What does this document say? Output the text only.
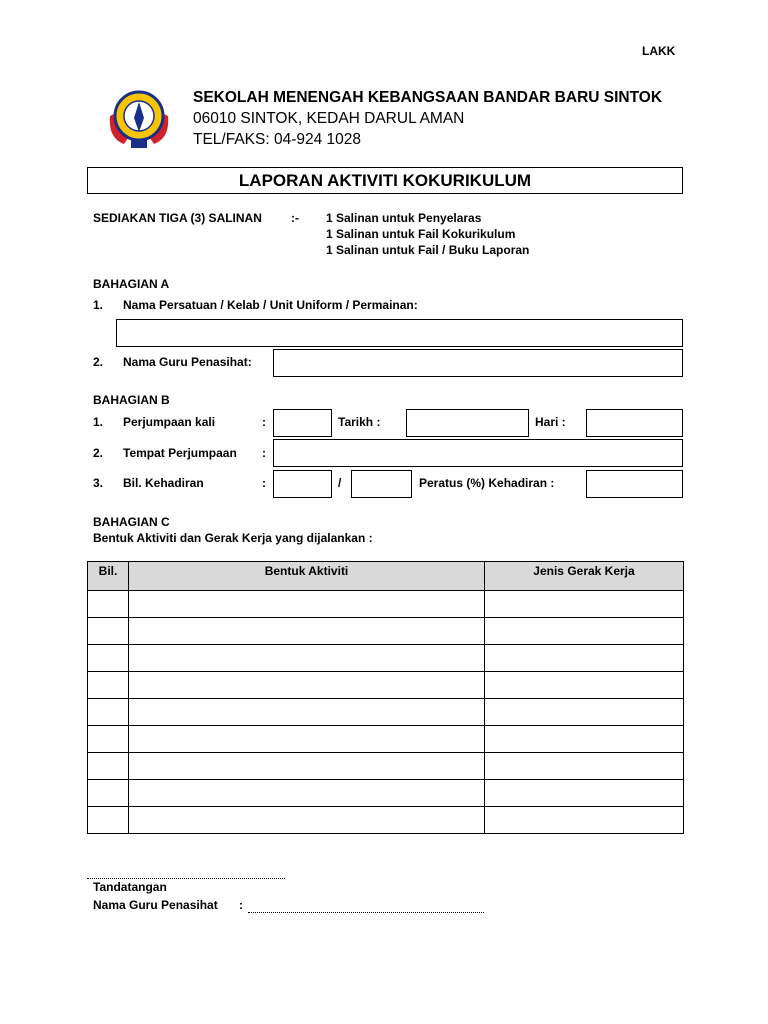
LAKK
SEKOLAH MENENGAH KEBANGSAAN BANDAR BARU SINTOK
06010 SINTOK, KEDAH DARUL AMAN
TEL/FAKS: 04-924 1028
LAPORAN AKTIVITI KOKURIKULUM
SEDIAKAN TIGA (3) SALINAN :- 1 Salinan untuk Penyelaras
1 Salinan untuk Fail Kokurikulum
1 Salinan untuk Fail / Buku Laporan
BAHAGIAN A
1. Nama Persatuan / Kelab / Unit Uniform / Permainan:
2. Nama Guru Penasihat:
BAHAGIAN B
1. Perjumpaan kali	:	Tarikh :	Hari :
2. Tempat Perjumpaan :
3. Bil. Kehadiran	:	/	Peratus (%) Kehadiran :
BAHAGIAN C
Bentuk Aktiviti dan Gerak Kerja yang dijalankan :
Bil.	Bentuk Aktiviti	Jenis Gerak Kerja

Tandatangan
Nama Guru Penasihat :
